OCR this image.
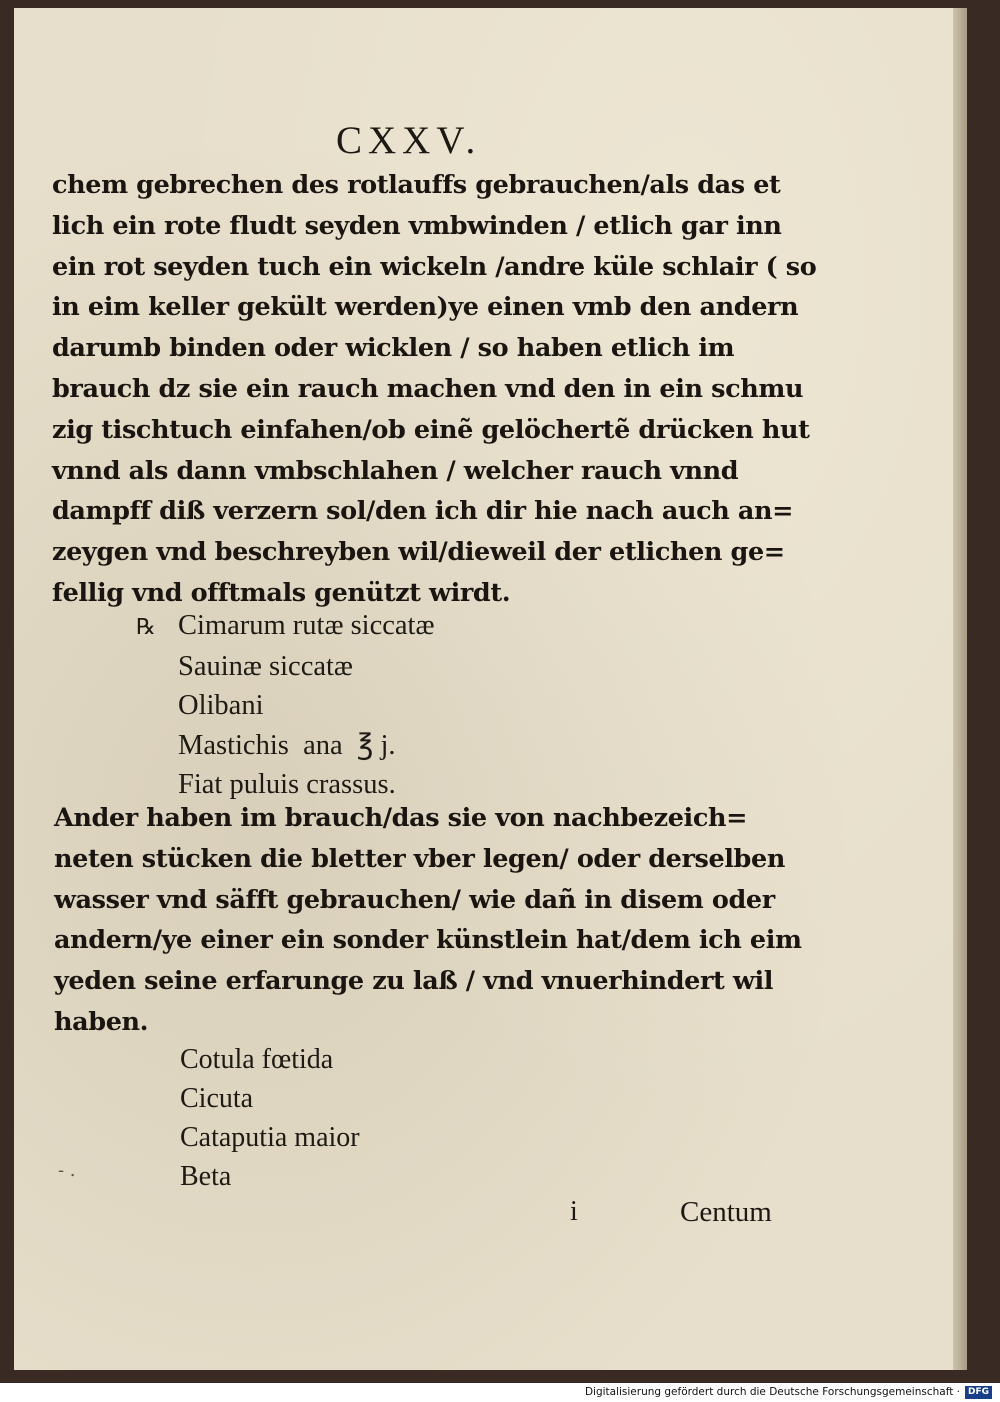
CXXV.
chem gebrechen des rotlauffs gebrauchen/als das et
lich ein rote fludt seyden vmbwinden / etlich gar inn
ein rot seyden tuch ein wickeln /andre küle schlair ( so
in eim keller gekült werden)ye einen vmb den andern
darumb binden oder wicklen / so haben etlich im
brauch dz sie ein rauch machen vnd den in ein schmu
zig tischtuch einfahen/ob einẽ gelöchertẽ drücken hut
vnnd als dann vmbschlahen / welcher rauch vnnd
dampff diß verzern sol/den ich dir hie nach auch an=
zeygen vnd beschreyben wil/dieweil der etlichen ge=
fellig vnd offtmals genützt wirdt.
℞ Cimarum rutæ siccatæ
Sauinæ siccatæ
Olibani
Mastichis  ana  ℥ j.
Fiat puluis crassus.
Ander haben im brauch/das sie von nachbezeich=
neten stücken die bletter vber legen/ oder derselben
wasser vnd säfft gebrauchen/ wie dañ in disem oder
andern/ye einer ein sonder künstlein hat/dem ich eim
yeden seine erfarunge zu laß / vnd vnuerhindert wil
haben.
Cotula fœtida
Cicuta
Cataputia maior
Beta
- .
i	Centum
Digitalisierung gefördert durch die Deutsche Forschungsgemeinschaft · DFG
